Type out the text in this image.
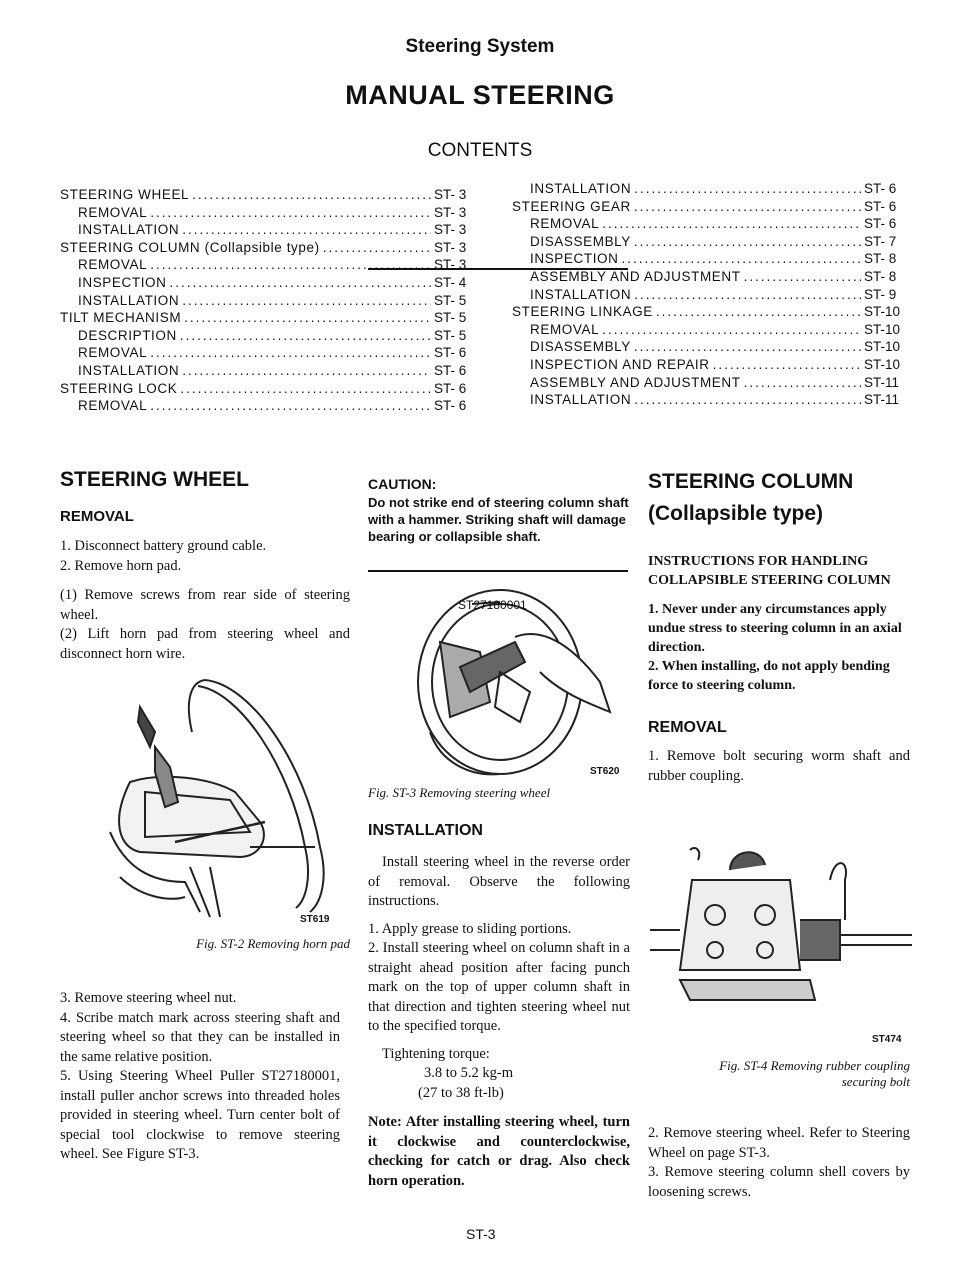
Steering System
MANUAL STEERING
CONTENTS
STEERING WHEEL .....	ST- 3
REMOVAL .....	ST- 3
INSTALLATION .....	ST- 3
STEERING COLUMN (Collapsible type) .....	ST- 3
REMOVAL .....	ST- 3
INSPECTION .....	ST- 4
INSTALLATION .....	ST- 5
TILT MECHANISM .....	ST- 5
DESCRIPTION .....	ST- 5
REMOVAL .....	ST- 6
INSTALLATION .....	ST- 6
STEERING LOCK .....	ST- 6
REMOVAL .....	ST- 6
INSTALLATION .....	ST- 6
STEERING GEAR .....	ST- 6
REMOVAL .....	ST- 6
DISASSEMBLY .....	ST- 7
INSPECTION .....	ST- 8
ASSEMBLY AND ADJUSTMENT .....	ST- 8
INSTALLATION .....	ST- 9
STEERING LINKAGE .....	ST-10
REMOVAL .....	ST-10
DISASSEMBLY .....	ST-10
INSPECTION AND REPAIR .....	ST-10
ASSEMBLY AND ADJUSTMENT .....	ST-11
INSTALLATION .....	ST-11
STEERING WHEEL
REMOVAL
1. Disconnect battery ground cable.
2. Remove horn pad.
(1) Remove screws from rear side of steering wheel.
(2) Lift horn pad from steering wheel and disconnect horn wire.
ST619
Fig. ST-2 Removing horn pad
3. Remove steering wheel nut.
4. Scribe match mark across steering shaft and steering wheel so that they can be installed in the same relative position.
5. Using Steering Wheel Puller ST27180001, install puller anchor screws into threaded holes provided in steering wheel. Turn center bolt of special tool clockwise to remove steering wheel. See Figure ST-3.
CAUTION:
Do not strike end of steering column shaft with a hammer. Striking shaft will damage bearing or collapsible shaft.
ST27180001
ST620
Fig. ST-3 Removing steering wheel
INSTALLATION
Install steering wheel in the reverse order of removal. Observe the following instructions.
1. Apply grease to sliding portions.
2. Install steering wheel on column shaft in a straight ahead position after facing punch mark on the top of upper column shaft in that direction and tighten steering wheel nut to the specified torque.
Tightening torque:
3.8 to 5.2 kg-m
(27 to 38 ft-lb)
Note: After installing steering wheel, turn it clockwise and counterclockwise, checking for catch or drag. Also check horn operation.
ST-3
STEERING COLUMN
(Collapsible type)
INSTRUCTIONS FOR HANDLING COLLAPSIBLE STEERING COLUMN
1. Never under any circumstances apply undue stress to steering column in an axial direction.
2. When installing, do not apply bending force to steering column.
REMOVAL
1. Remove bolt securing worm shaft and rubber coupling.
ST474
Fig. ST-4 Removing rubber coupling
securing bolt
2. Remove steering wheel. Refer to Steering Wheel on page ST-3.
3. Remove steering column shell covers by loosening screws.
